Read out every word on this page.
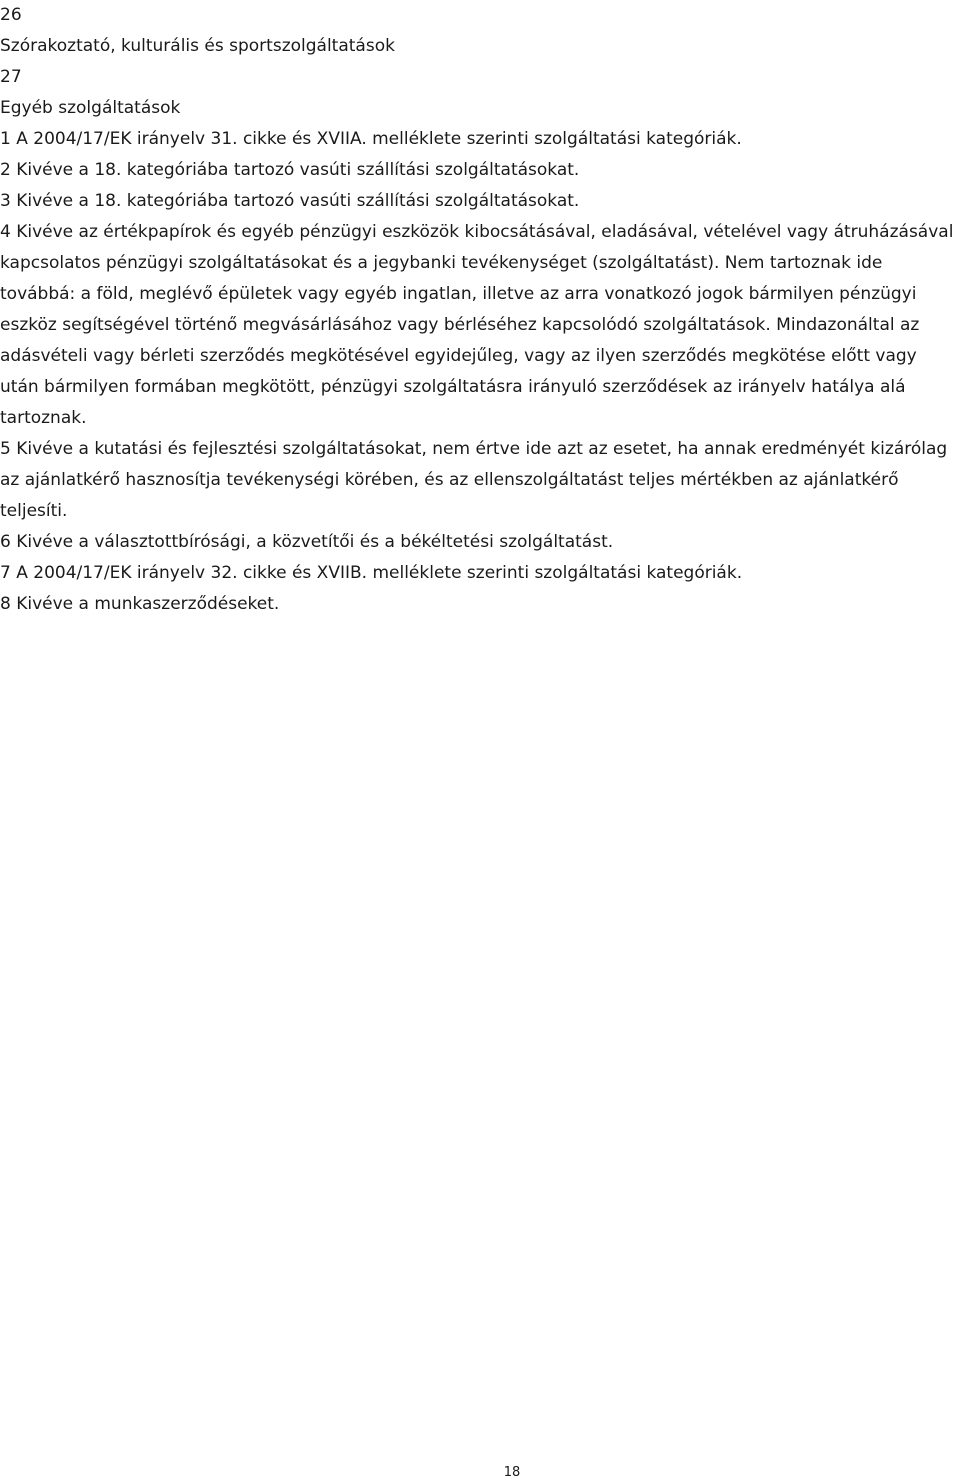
26
Szórakoztató, kulturális és sportszolgáltatások
27
Egyéb szolgáltatások
1 A 2004/17/EK irányelv 31. cikke és XVIIA. melléklete szerinti szolgáltatási kategóriák.
2 Kivéve a 18. kategóriába tartozó vasúti szállítási szolgáltatásokat.
3 Kivéve a 18. kategóriába tartozó vasúti szállítási szolgáltatásokat.
4 Kivéve az értékpapírok és egyéb pénzügyi eszközök kibocsátásával, eladásával, vételével vagy átruházásával kapcsolatos pénzügyi szolgáltatásokat és a jegybanki tevékenységet (szolgáltatást). Nem tartoznak ide továbbá: a föld, meglévő épületek vagy egyéb ingatlan, illetve az arra vonatkozó jogok bármilyen pénzügyi eszköz segítségével történő megvásárlásához vagy bérléséhez kapcsolódó szolgáltatások. Mindazonáltal az adásvételi vagy bérleti szerződés megkötésével egyidejűleg, vagy az ilyen szerződés megkötése előtt vagy után bármilyen formában megkötött, pénzügyi szolgáltatásra irányuló szerződések az irányelv hatálya alá tartoznak.
5 Kivéve a kutatási és fejlesztési szolgáltatásokat, nem értve ide azt az esetet, ha annak eredményét kizárólag az ajánlatkérő hasznosítja tevékenységi körében, és az ellenszolgáltatást teljes mértékben az ajánlatkérő teljesíti.
6 Kivéve a választottbírósági, a közvetítői és a békéltetési szolgáltatást.
7 A 2004/17/EK irányelv 32. cikke és XVIIB. melléklete szerinti szolgáltatási kategóriák.
8 Kivéve a munkaszerződéseket.
18
